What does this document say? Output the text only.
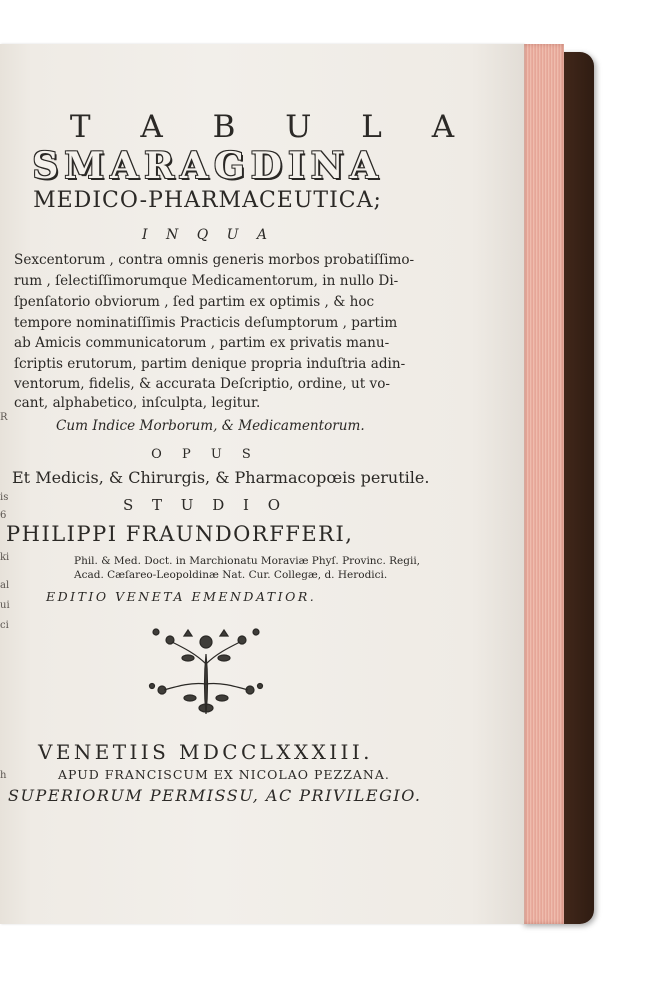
R
is
6
ki
al
ui
ci
h
T A B U L A
SMARAGDINA
MEDICO-PHARMACEUTICA;
I N Q U A
Sexcentorum , contra omnis generis morbos probatiſſimo-
rum , ſelectiſſimorumque Medicamentorum, in nullo Di-
ſpenſatorio obviorum , ſed partim ex optimis , & hoc
tempore nominatiſſimis Practicis deſumptorum , partim
ab Amicis communicatorum , partim ex privatis manu-
ſcriptis erutorum, partim denique propria induſtria adin-
ventorum, fidelis, & accurata Deſcriptio, ordine, ut vo-
cant, alphabetico, inſculpta, legitur.
Cum Indice Morborum, & Medicamentorum.
O P U S
Et Medicis, & Chirurgis, & Pharmacopœis perutile.
S T U D I O
PHILIPPI FRAUNDORFFERI,
Phil. & Med. Doct. in Marchionatu Moraviæ Phyſ. Provinc. Regii,
Acad. Cæſareo-Leopoldinæ Nat. Cur. Collegæ, d. Herodici.
EDITIO VENETA EMENDATIOR.
VENETIIS MDCCLXXXIII.
APUD FRANCISCUM EX NICOLAO PEZZANA.
SUPERIORUM PERMISSU, AC PRIVILEGIO.
